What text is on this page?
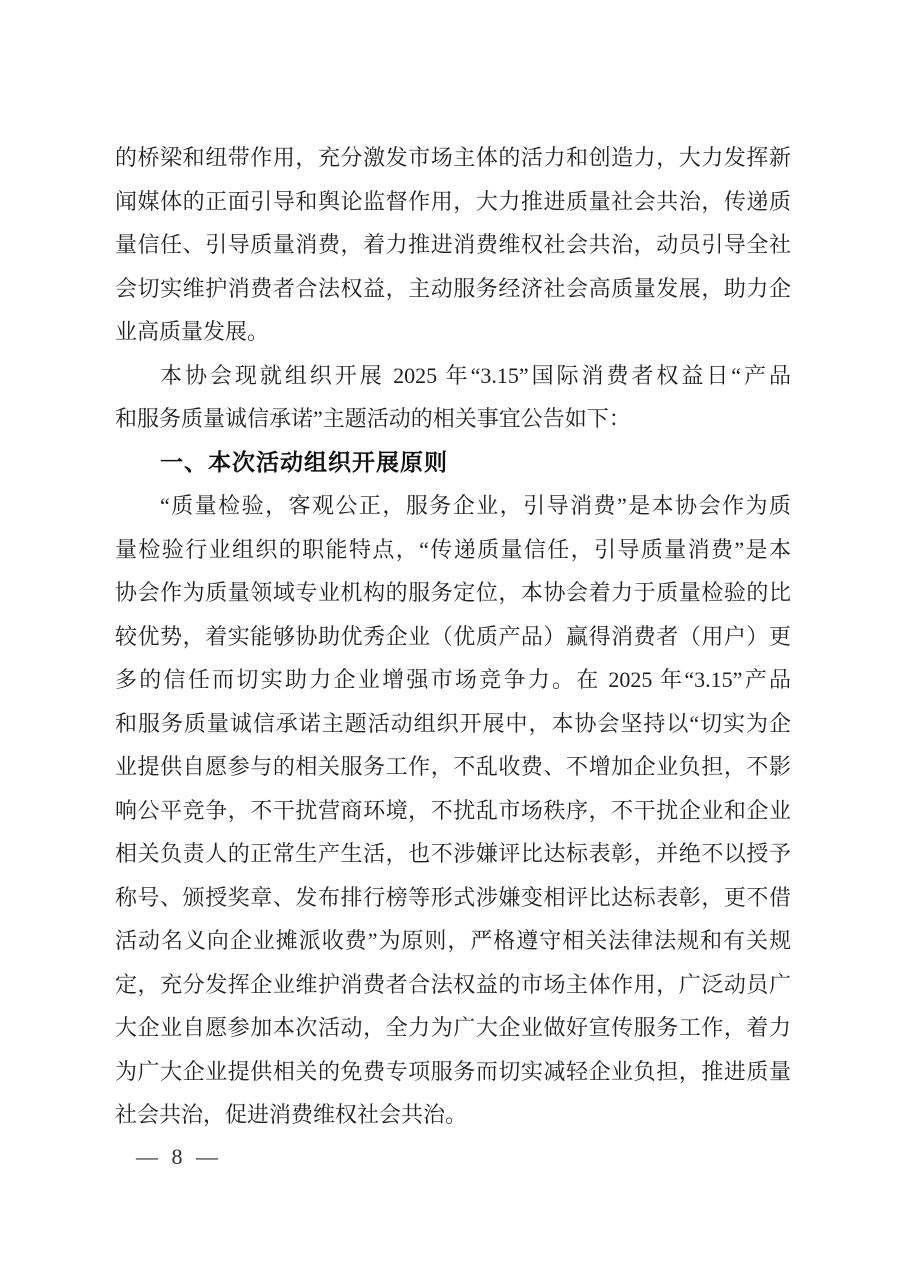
的桥梁和纽带作用，充分激发市场主体的活力和创造力，大力发挥新
闻媒体的正面引导和舆论监督作用，大力推进质量社会共治，传递质
量信任、引导质量消费，着力推进消费维权社会共治，动员引导全社
会切实维护消费者合法权益，主动服务经济社会高质量发展，助力企
业高质量发展。
本协会现就组织开展 2025 年“3.15”国际消费者权益日“产品
和服务质量诚信承诺”主题活动的相关事宜公告如下：
一、本次活动组织开展原则
“质量检验，客观公正，服务企业，引导消费”是本协会作为质
量检验行业组织的职能特点，“传递质量信任，引导质量消费”是本
协会作为质量领域专业机构的服务定位，本协会着力于质量检验的比
较优势，着实能够协助优秀企业（优质产品）赢得消费者（用户）更
多的信任而切实助力企业增强市场竞争力。在 2025 年“3.15”产品
和服务质量诚信承诺主题活动组织开展中，本协会坚持以“切实为企
业提供自愿参与的相关服务工作，不乱收费、不增加企业负担，不影
响公平竞争，不干扰营商环境，不扰乱市场秩序，不干扰企业和企业
相关负责人的正常生产生活，也不涉嫌评比达标表彰，并绝不以授予
称号、颁授奖章、发布排行榜等形式涉嫌变相评比达标表彰，更不借
活动名义向企业摊派收费”为原则，严格遵守相关法律法规和有关规
定，充分发挥企业维护消费者合法权益的市场主体作用，广泛动员广
大企业自愿参加本次活动，全力为广大企业做好宣传服务工作，着力
为广大企业提供相关的免费专项服务而切实减轻企业负担，推进质量
社会共治，促进消费维权社会共治。
— 8 —
